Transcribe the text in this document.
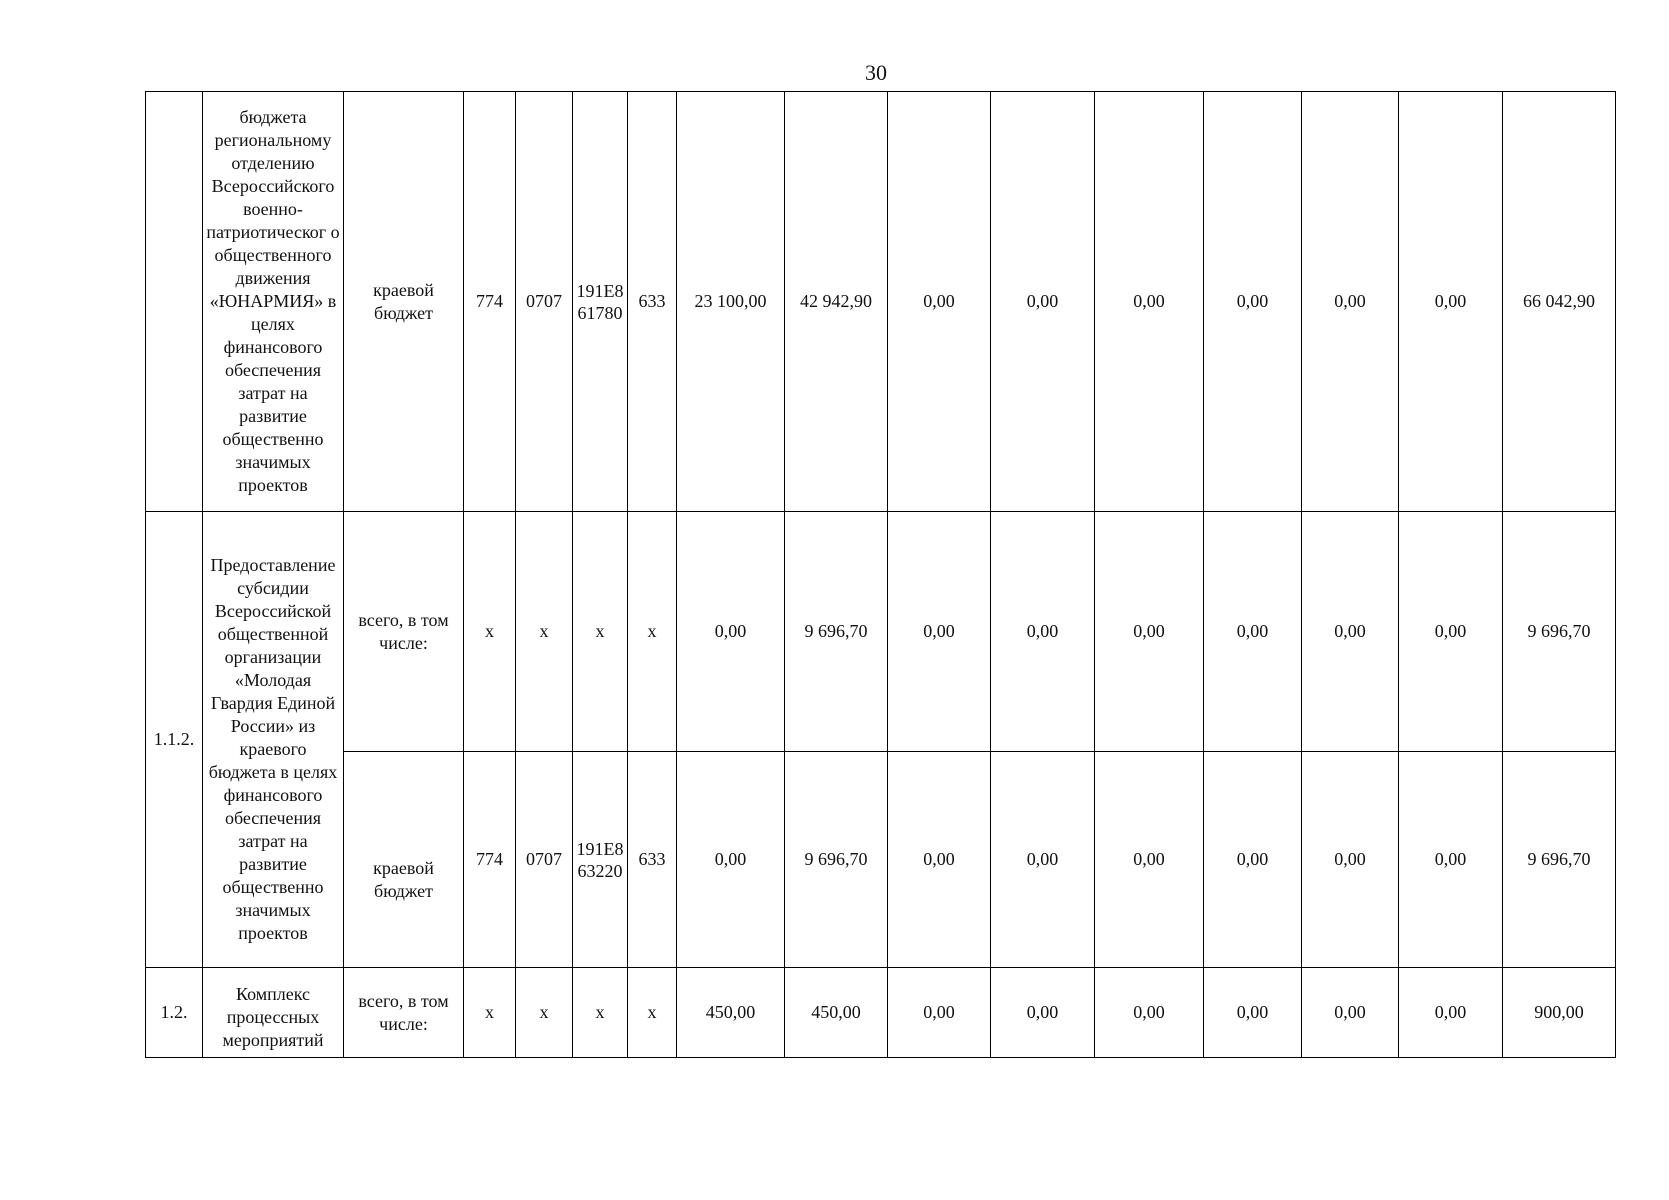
30
	бюджета региональному отделению Всероссийского военно-патриотическог о общественного движения «ЮНАРМИЯ» в целях финансового обеспечения затрат на развитие общественно значимых проектов	краевой бюджет	774	0707	191Е8 61780	633	23 100,00	42 942,90	0,00	0,00	0,00	0,00	0,00	0,00	66 042,90
1.1.2.	Предоставление субсидии Всероссийской общественной организации «Молодая Гвардия Единой России» из краевого бюджета в целях финансового обеспечения затрат на развитие общественно значимых проектов	всего, в том числе:	х	х	х	х	0,00	9 696,70	0,00	0,00	0,00	0,00	0,00	0,00	9 696,70
		краевой бюджет	774	0707	191Е8 63220	633	0,00	9 696,70	0,00	0,00	0,00	0,00	0,00	0,00	9 696,70
1.2.	Комплекс процессных мероприятий	всего, в том числе:	х	х	х	х	450,00	450,00	0,00	0,00	0,00	0,00	0,00	0,00	900,00
